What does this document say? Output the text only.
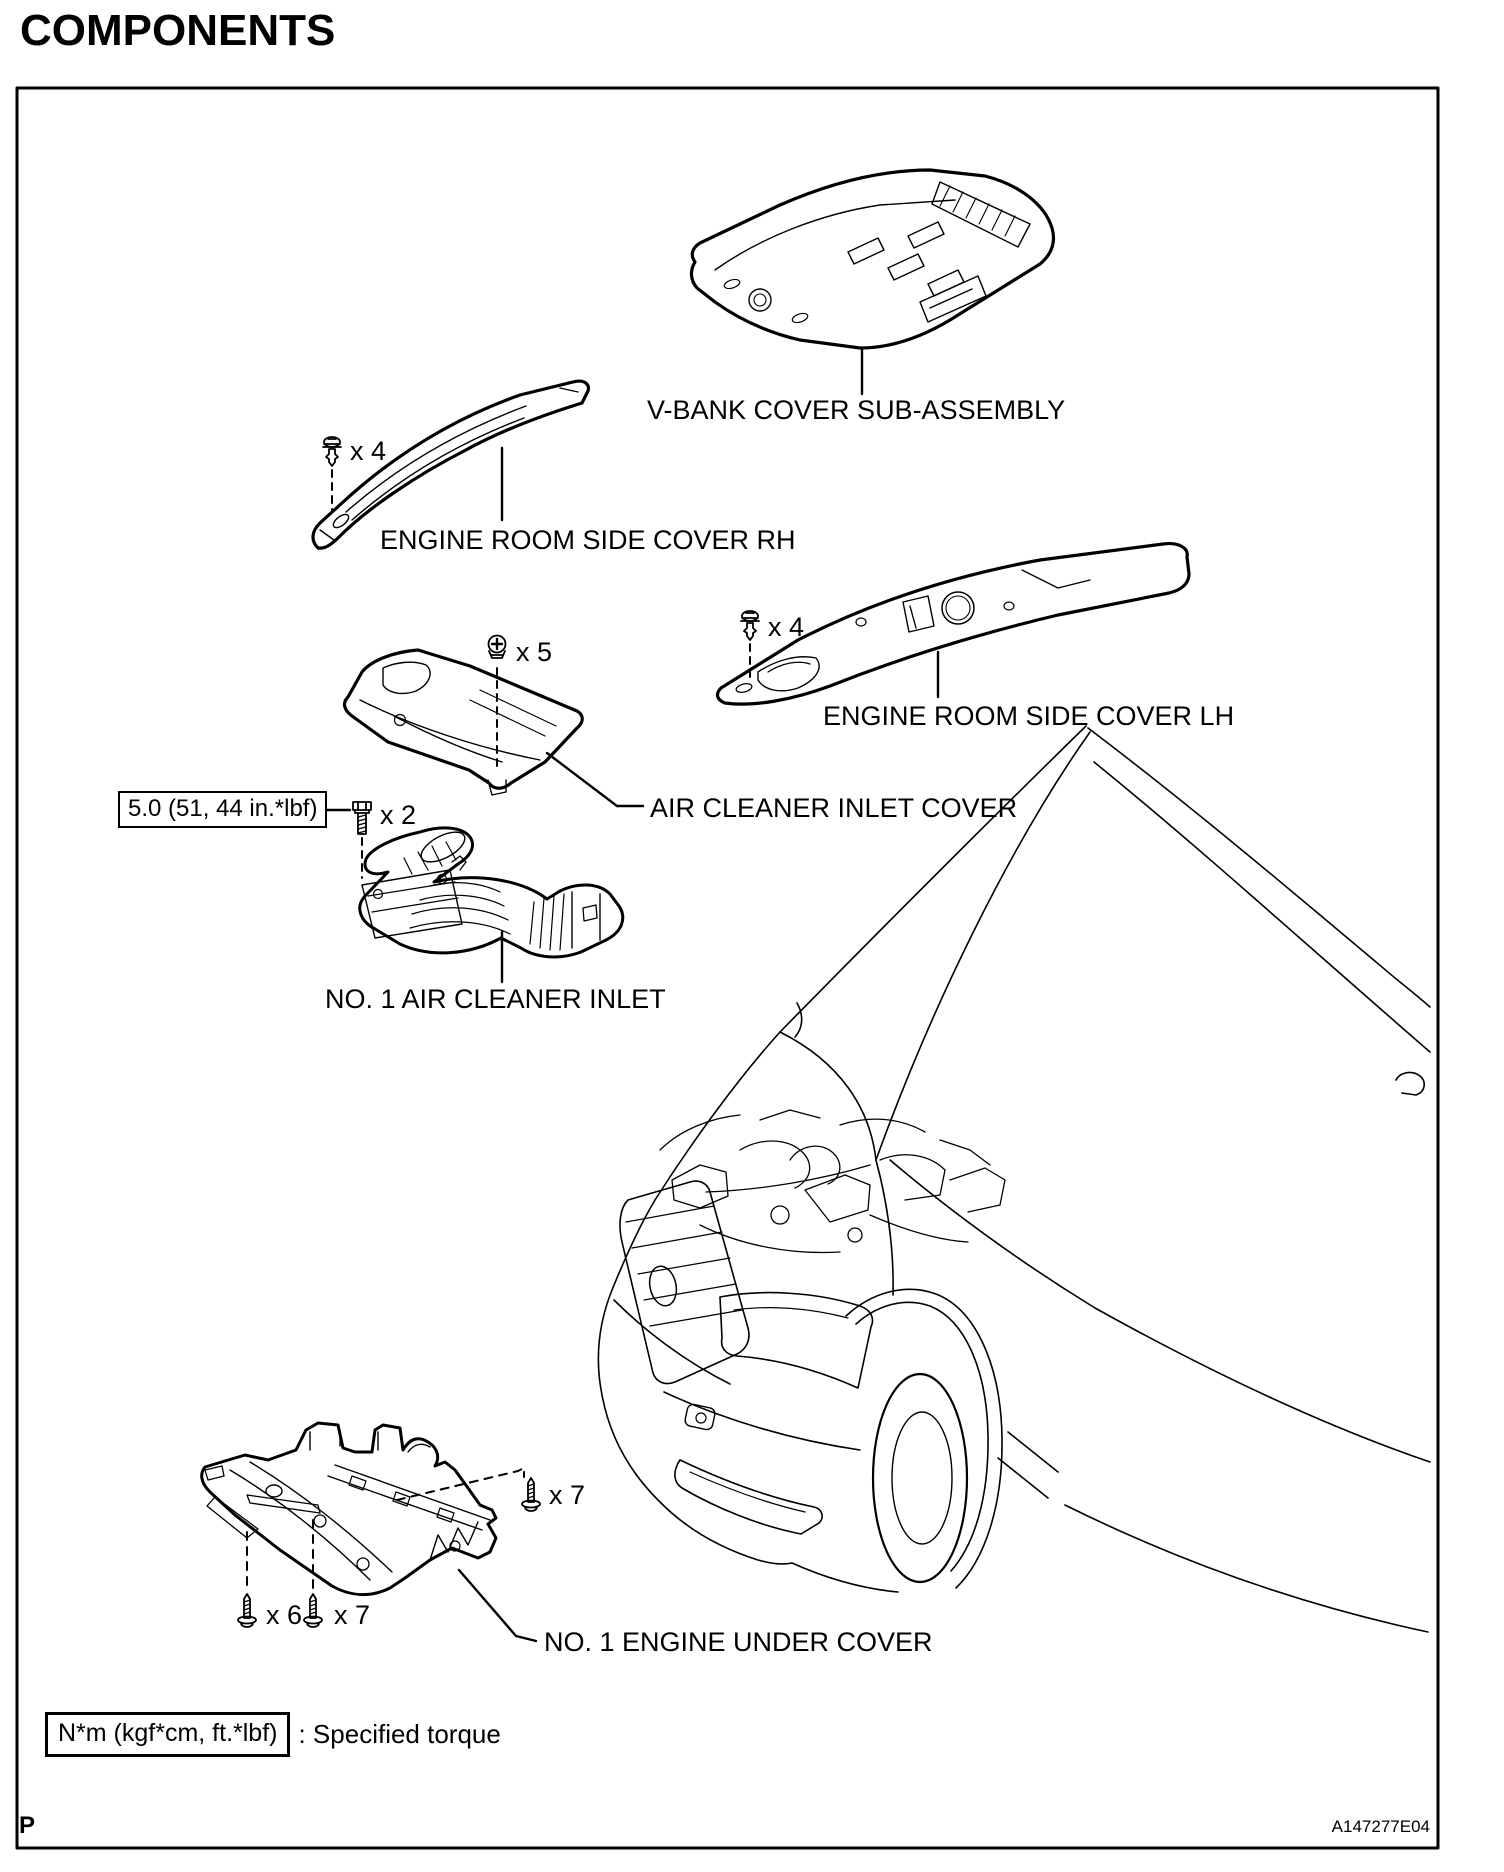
COMPONENTS
V-BANK COVER SUB-ASSEMBLY
ENGINE ROOM SIDE COVER RH
ENGINE ROOM SIDE COVER LH
AIR CLEANER INLET COVER
NO. 1 AIR CLEANER INLET
NO. 1 ENGINE UNDER COVER
x 4
x 4
x 5
x 2
x 7
x 6 x 7
5.0 (51, 44 in.*lbf)
N*m (kgf*cm, ft.*lbf) : Specified torque
A147277E04
P
